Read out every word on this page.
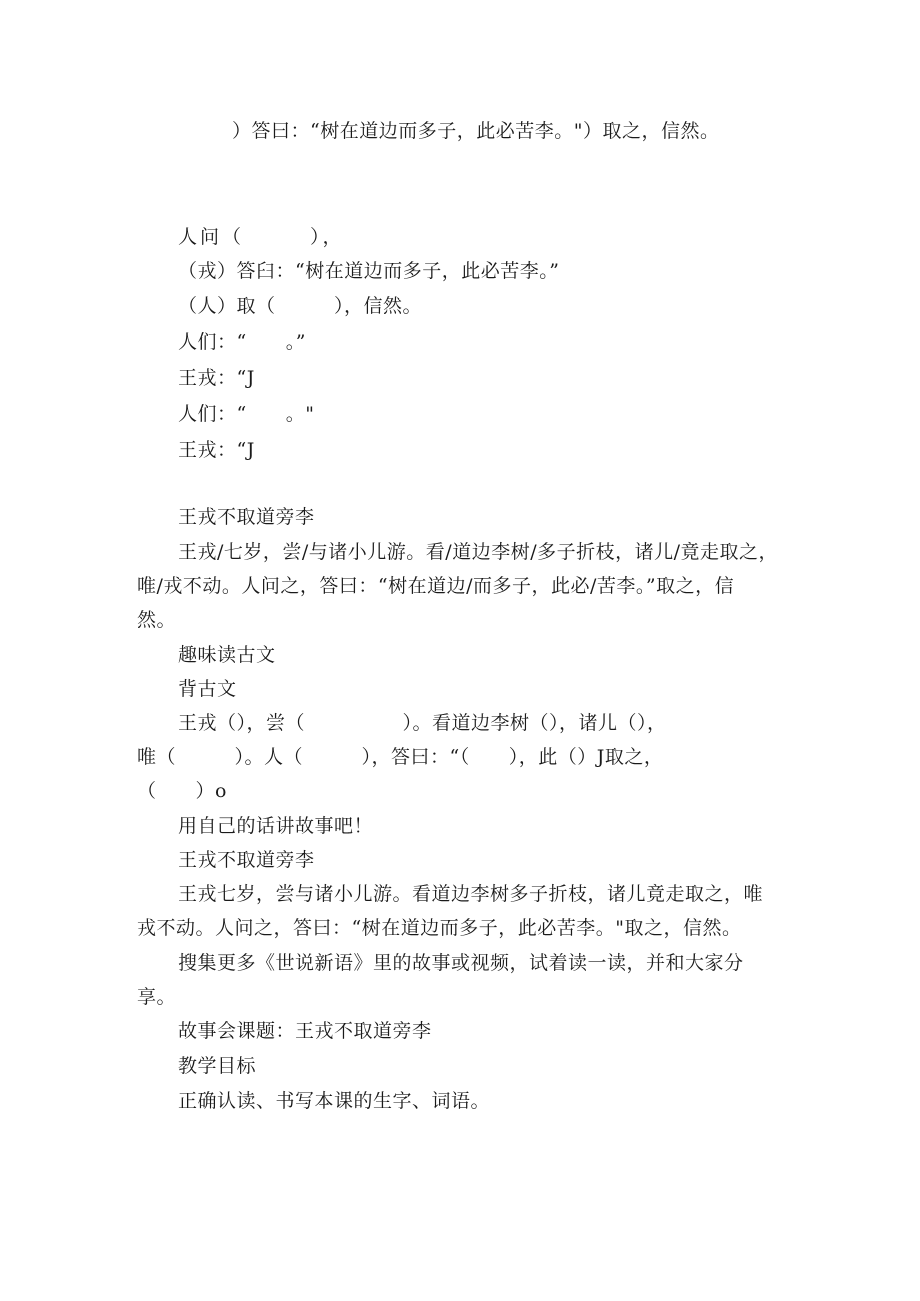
）答曰：“树在道边而多子，此必苦李。"）取之，信然。
人问（　　　），
（戎）答臼：“树在道边而多子，此必苦李。”
（人）取（　　　），信然。
人们：“　　。”
王戎：“J
人们：“　　。"
王戎：“J
王戎不取道旁李
王戎/七岁，尝/与诸小儿游。看/道边李树/多子折枝，诸儿/竟走取之，
唯/戎不动。人问之，答曰：“树在道边/而多子，此必/苦李。”取之，信
然。
趣味读古文
背古文
王戎（），尝（　　　　　）。看道边李树（），诸儿（），
唯（　　　）。人（　　　），答曰：“（　　），此（）J取之，
（　　）o
用自己的话讲故事吧！
王戎不取道旁李
王戎七岁，尝与诸小儿游。看道边李树多子折枝，诸儿竟走取之，唯
戎不动。人问之，答曰：“树在道边而多子，此必苦李。"取之，信然。
搜集更多《世说新语》里的故事或视频，试着读一读，并和大家分
享。
故事会课题：王戎不取道旁李
教学目标
正确认读、书写本课的生字、词语。
